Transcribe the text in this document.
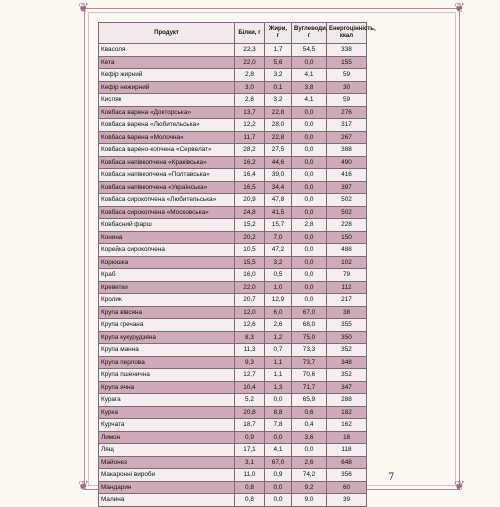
❦	❦
❦	❦
Продукт	Білки, г	Жири, г	Вуглеводи, г	Енергоцінність, ккал
Квасоля	22,3	1,7	54,5	338
Кета	22,0	5,6	0,0	155
Кефір жирний	2,8	3,2	4,1	59
Кефір нежирний	3,0	0,1	3,8	30
Кисляк	2,8	3,2	4,1	59
Ковбаса варена «Докторська»	13,7	22,8	0,0	276
Ковбаса варена «Любительська»	12,2	28,0	0,0	317
Ковбаса варена «Молочна»	11,7	22,8	0,0	267
Ковбаса варено-копчена «Сервелат»	28,2	27,5	0,0	388
Ковбаса напівкопчена «Краківська»	16,2	44,6	0,0	490
Ковбаса напівкопчена «Полтавська»	16,4	39,0	0,0	416
Ковбаса напівкопчена «Українська»	16,5	34,4	0,0	397
Ковбаса сирокопчена «Любительська»	20,9	47,8	0,0	502
Ковбаса сирокопчена «Московська»	24,8	41,5	0,0	502
Ковбасний фарш	15,2	15,7	2,8	228
Конина	20,2	7,0	0,0	150
Корейка сирокопчена	10,5	47,2	0,0	488
Корюшка	15,5	3,2	0,0	102
Краб	16,0	0,5	0,0	79
Креветки	22,0	1,0	0,0	112
Кролик	20,7	12,9	0,0	217
Крупа вівсяна	12,0	6,0	67,0	38
Крупа гречана	12,6	2,6	68,0	355
Крупа кукурудзяна	8,3	1,2	75,0	350
Крупа манна	11,3	0,7	73,3	352
Крупа перлова	9,3	1,1	73,7	348
Крупа пшенична	12,7	1,1	70,6	352
Крупа ячна	10,4	1,3	71,7	347
Курага	5,2	0,0	65,9	288
Курка	20,8	8,8	0,6	182
Курчата	18,7	7,8	0,4	162
Лимон	0,9	0,0	3,6	18
Лящ	17,1	4,1	0,0	118
Майонез	3,1	67,0	2,6	648
Макаронні вироби	11,0	0,9	74,2	356
Мандарин	0,8	0,0	9,2	60
Малина	0,8	0,0	9,0	39
7
